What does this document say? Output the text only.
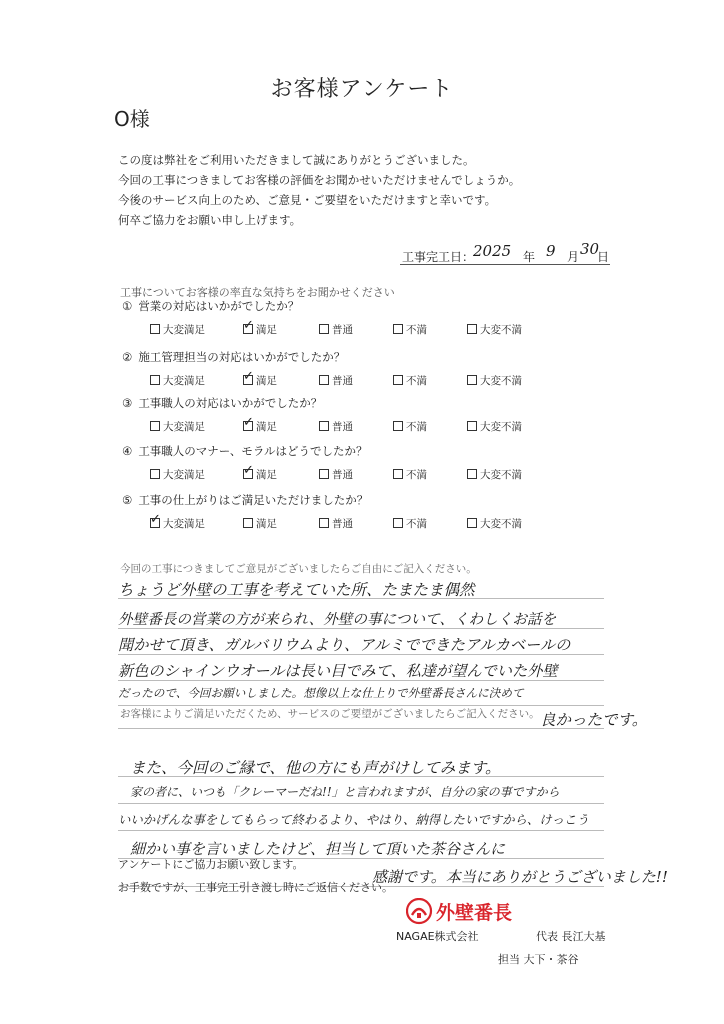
お客様アンケート
O様
この度は弊社をご利用いただきまして誠にありがとうございました。
今回の工事につきましてお客様の評価をお聞かせいただけませんでしょうか。
今後のサービス向上のため、ご意見・ご要望をいただけますと幸いです。
何卒ご協力をお願い申し上げます。
工事完工日：
2025 年 9 月 30
日
工事についてお客様の率直な気持ちをお聞かせください
① 営業の対応はいかがでしたか？
大変満足	✓ 満足	普通	不満	大変不満
② 施工管理担当の対応はいかがでしたか？
大変満足	✓ 満足	普通	不満	大変不満
③ 工事職人の対応はいかがでしたか？
大変満足	✓ 満足	普通	不満	大変不満
④ 工事職人のマナー、モラルはどうでしたか？
大変満足	✓ 満足	普通	不満	大変不満
⑤ 工事の仕上がりはご満足いただけましたか？
✓ 大変満足	満足	普通	不満	大変不満
今回の工事につきましてご意見がございましたらご自由にご記入ください。
ちょうど外壁の工事を考えていた所、たまたま偶然
外壁番長の営業の方が来られ、外壁の事について、くわしくお話を
聞かせて頂き、ガルバリウムより、アルミでできたアルカベールの
新色のシャインウオールは長い目でみて、私達が望んでいた外壁
だったので、今回お願いしました。想像以上な仕上りで外壁番長さんに決めて
良かったです。
お客様によりご満足いただくため、サービスのご要望がございましたらご記入ください。
また、今回のご縁で、他の方にも声がけしてみます。
家の者に、いつも「クレーマーだね!!」と言われますが、自分の家の事ですから
いいかげんな事をしてもらって終わるより、やはり、納得したいですから、けっこう
細かい事を言いましたけど、担当して頂いた茶谷さんに
感謝です。本当にありがとうございました!!
アンケートにご協力お願い致します。
お手数ですが、工事完工引き渡し時にご返信ください。
外壁番長
NAGAE株式会社	代表 長江大基
担当 大下・茶谷
